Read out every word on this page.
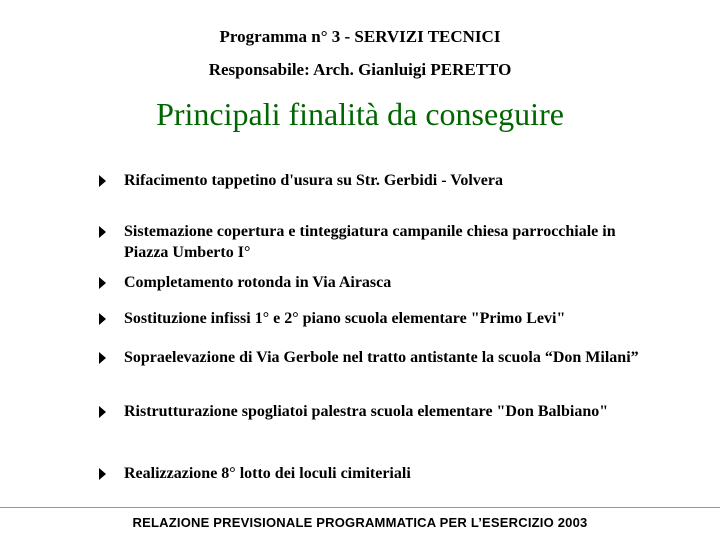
Programma n° 3 - SERVIZI TECNICI
Responsabile: Arch. Gianluigi PERETTO
Principali finalità da conseguire
Rifacimento tappetino d'usura su Str. Gerbidi - Volvera
Sistemazione copertura e tinteggiatura campanile chiesa parrocchiale in Piazza Umberto I°
Completamento rotonda in Via Airasca
Sostituzione infissi 1° e 2° piano scuola elementare "Primo Levi"
Sopraelevazione di Via Gerbole nel tratto antistante la scuola “Don Milani”
Ristrutturazione spogliatoi palestra scuola elementare "Don Balbiano"
Realizzazione 8° lotto dei loculi cimiteriali
RELAZIONE PREVISIONALE PROGRAMMATICA PER L’ESERCIZIO 2003
